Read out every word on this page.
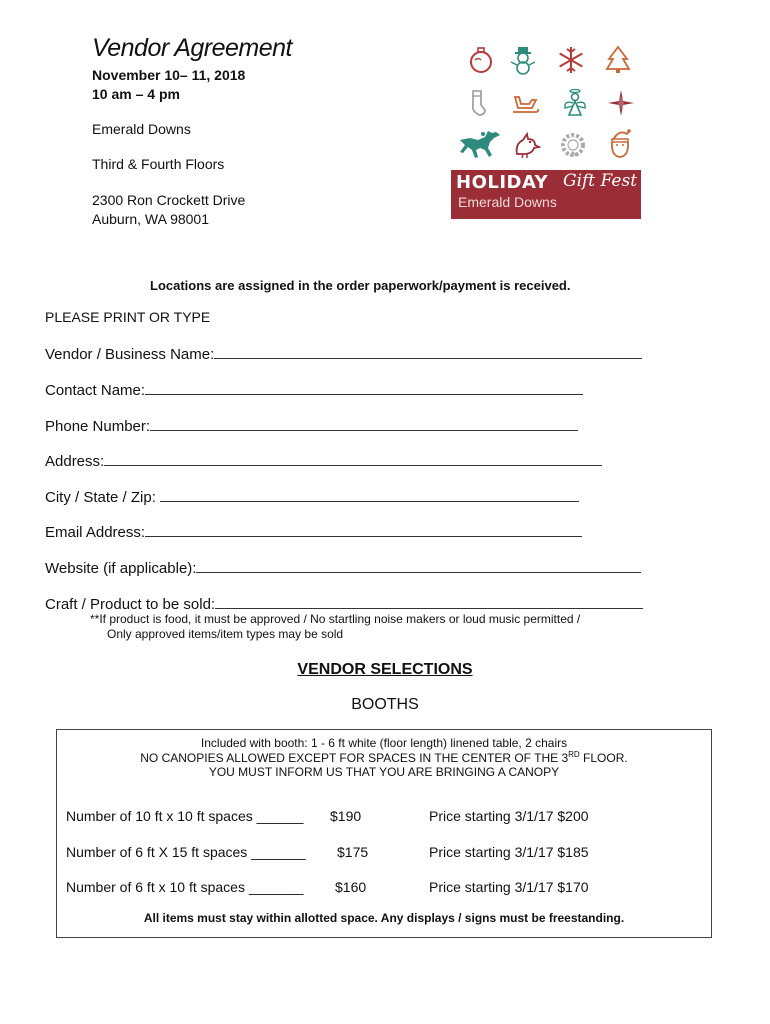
Vendor Agreement
November 10– 11, 2018
10 am – 4 pm
Emerald Downs
Third & Fourth Floors
2300 Ron Crockett Drive
Auburn, WA 98001
HOLIDAY Gift Fest
Emerald Downs
Locations are assigned in the order paperwork/payment is received.
PLEASE PRINT OR TYPE
Vendor / Business Name:
Contact Name:
Phone Number:
Address:
City / State / Zip:
Email Address:
Website (if applicable):
Craft / Product to be sold:
**If product is food, it must be approved / No startling noise makers or loud music permitted /
Only approved items/item types may be sold
VENDOR SELECTIONS
BOOTHS
Included with booth: 1 - 6 ft white (floor length) linened table, 2 chairs
NO CANOPIES ALLOWED EXCEPT FOR SPACES IN THE CENTER OF THE 3RD FLOOR.
YOU MUST INFORM US THAT YOU ARE BRINGING A CANOPY
Number of 10 ft x 10 ft spaces ______ $190	Price starting 3/1/17 $200
Number of 6 ft X 15 ft spaces _______ $175	Price starting 3/1/17 $185
Number of 6 ft x 10 ft spaces _______ $160	Price starting 3/1/17 $170
All items must stay within allotted space. Any displays / signs must be freestanding.
